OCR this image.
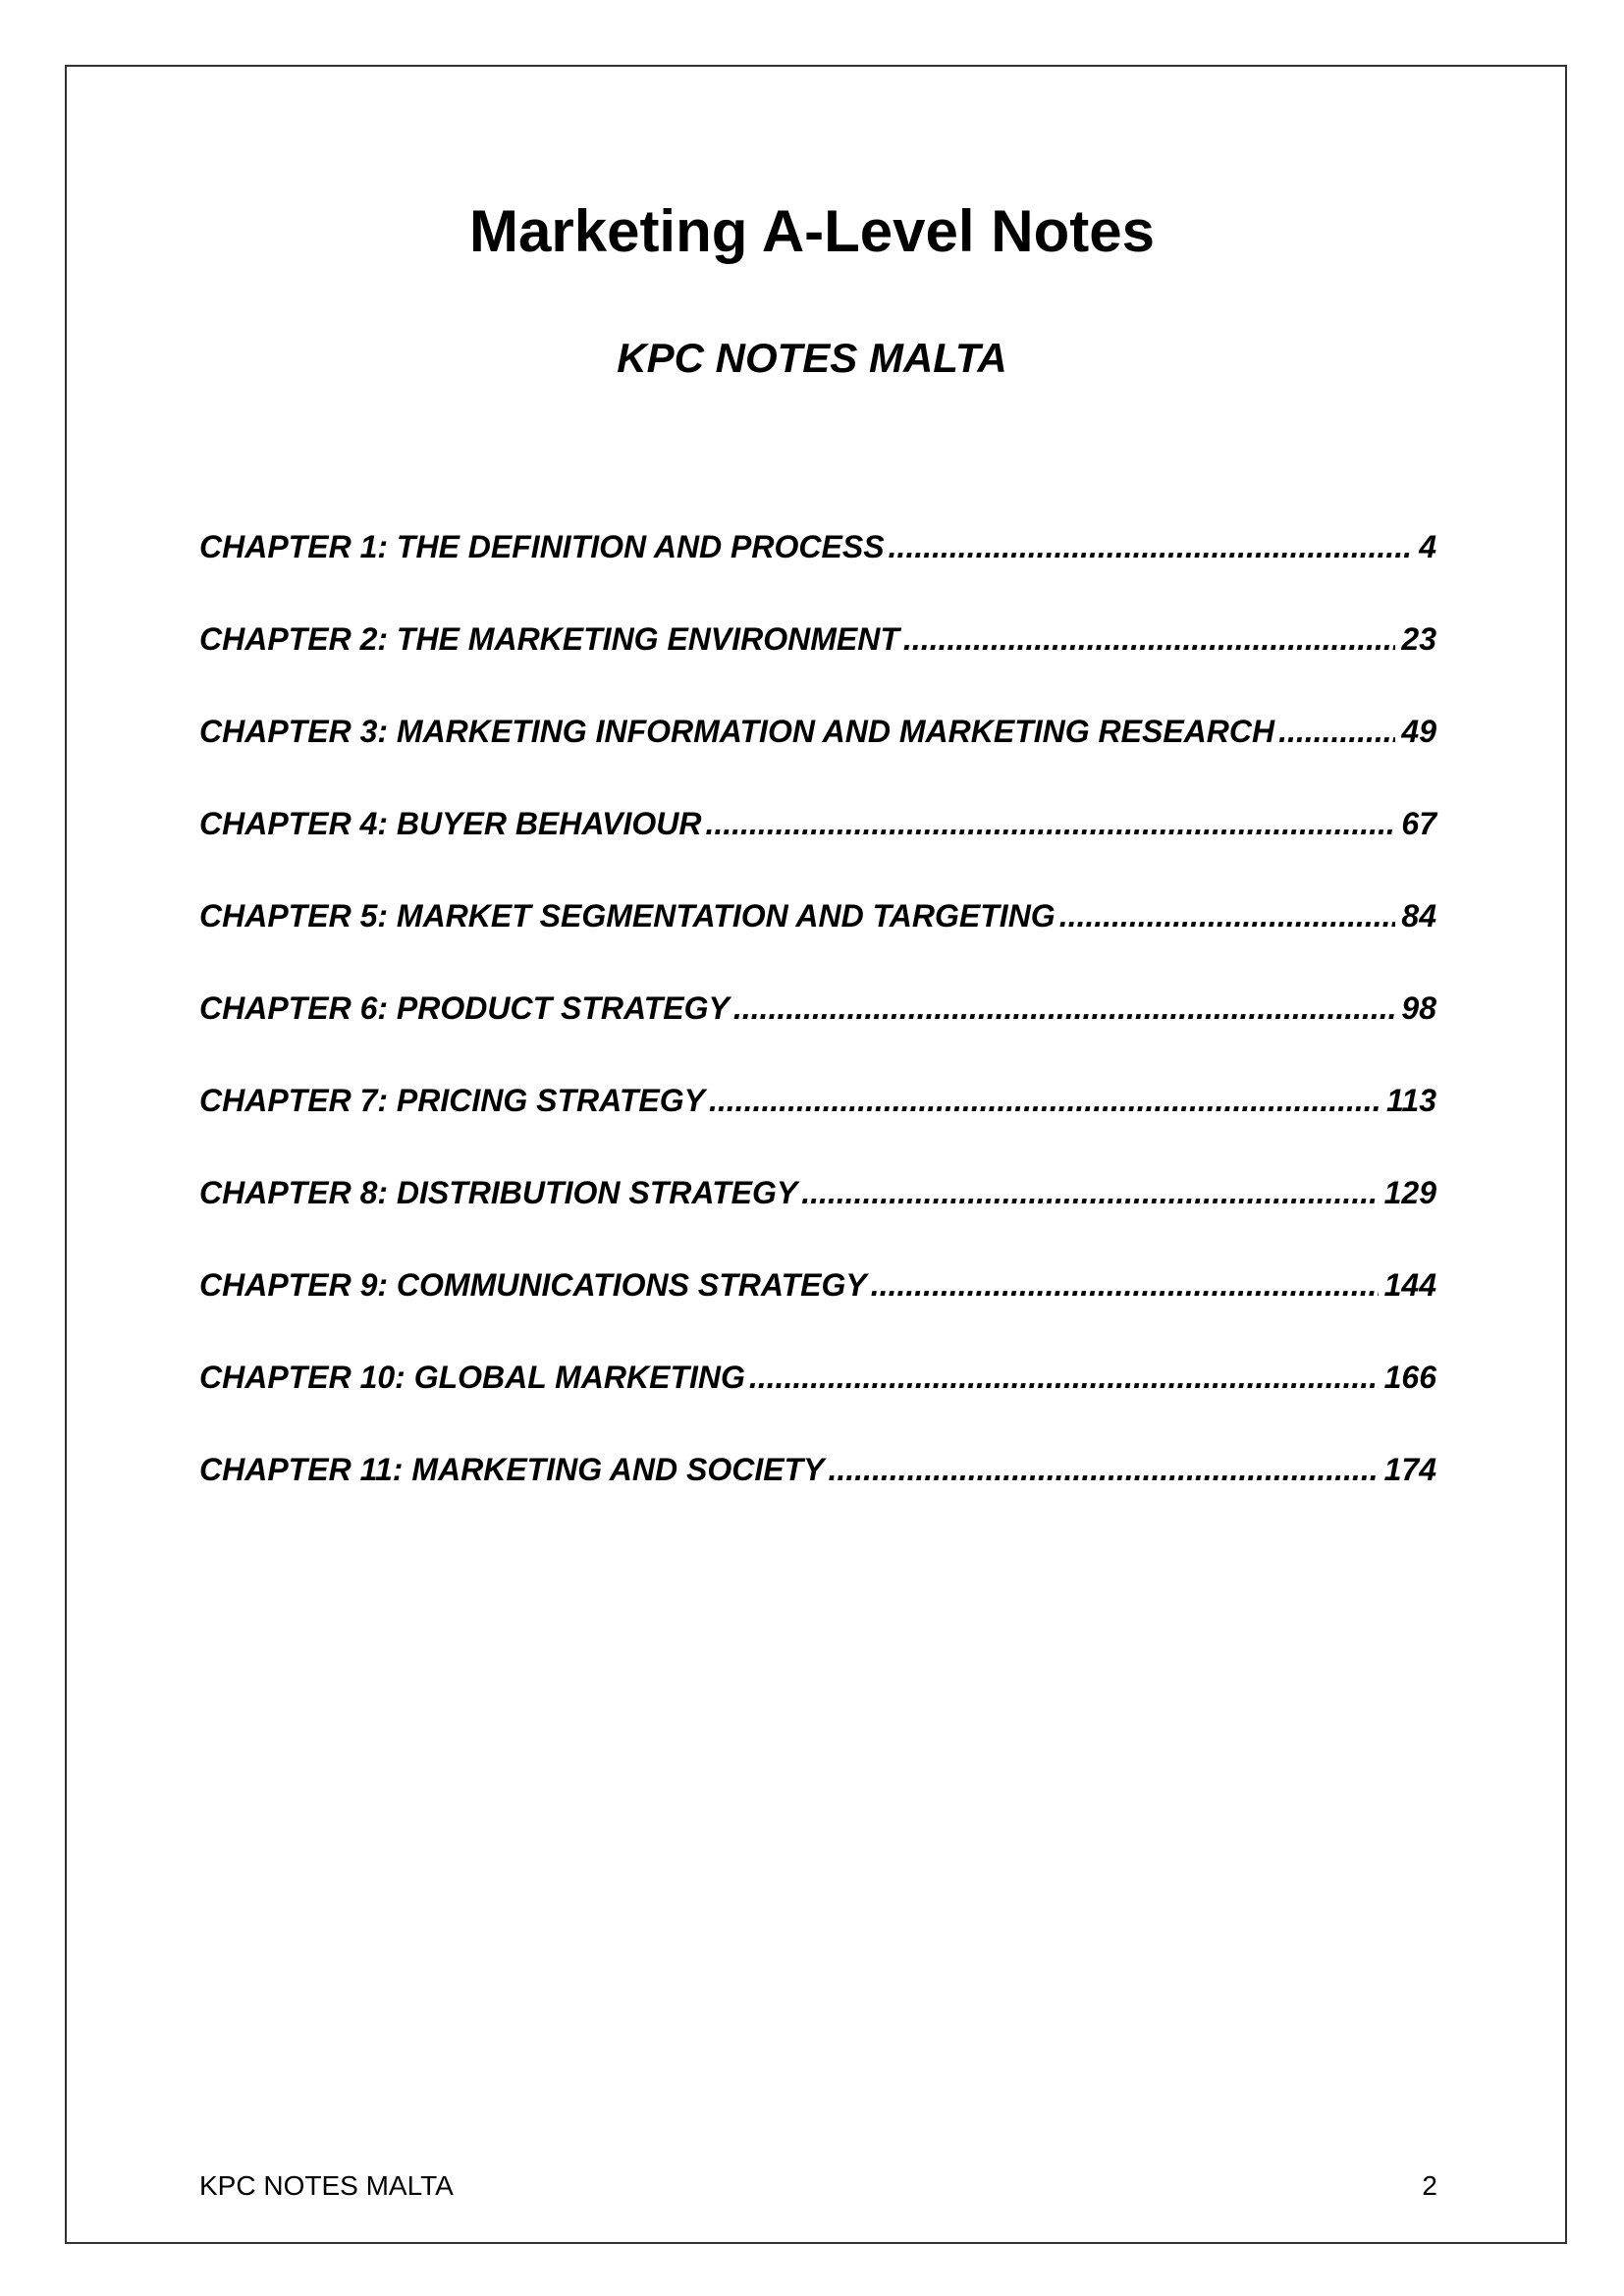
Marketing A-Level Notes
KPC NOTES MALTA
CHAPTER 1: THE DEFINITION AND PROCESS .....	4
CHAPTER 2: THE MARKETING ENVIRONMENT .....	23
CHAPTER 3: MARKETING INFORMATION AND MARKETING RESEARCH .....	49
CHAPTER 4: BUYER BEHAVIOUR .....	67
CHAPTER 5: MARKET SEGMENTATION AND TARGETING .....	84
CHAPTER 6: PRODUCT STRATEGY .....	98
CHAPTER 7: PRICING STRATEGY .....	113
CHAPTER 8: DISTRIBUTION STRATEGY .....	129
CHAPTER 9: COMMUNICATIONS STRATEGY .....	144
CHAPTER 10: GLOBAL MARKETING .....	166
CHAPTER 11: MARKETING AND SOCIETY .....	174
KPC NOTES MALTA	2
